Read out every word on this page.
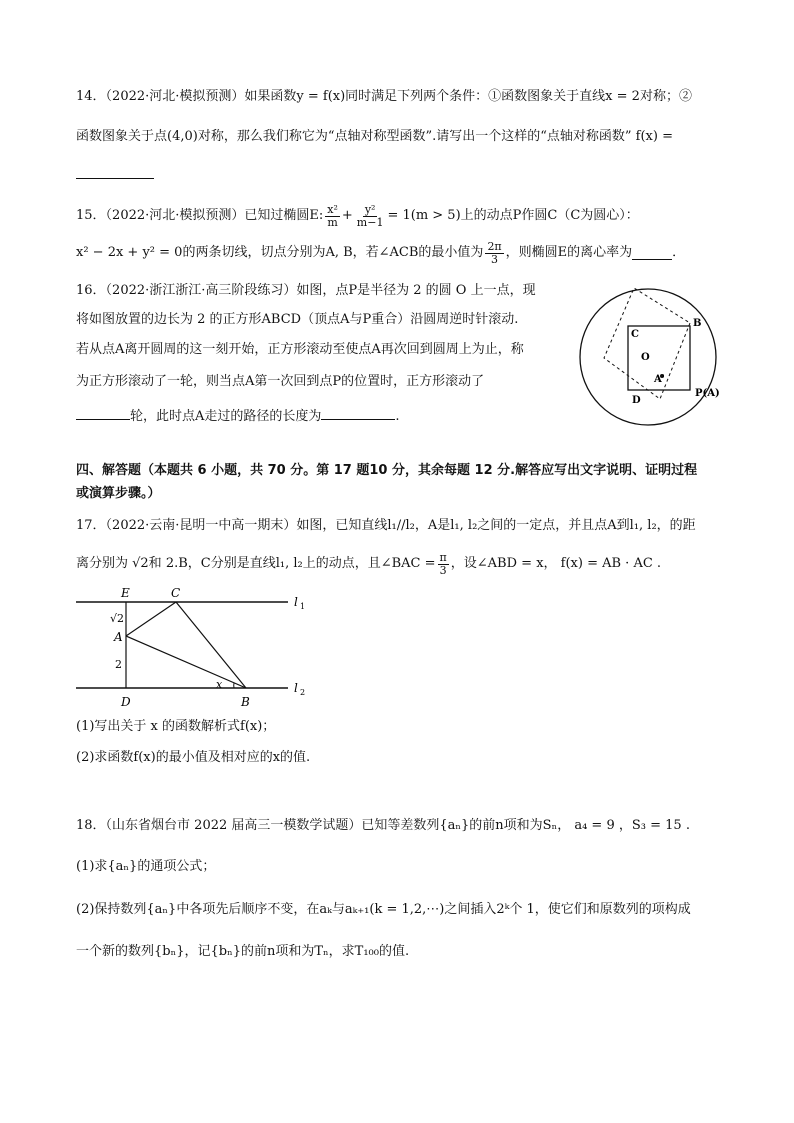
14．（2022·河北·模拟预测）如果函数y = f(x)同时满足下列两个条件：①函数图象关于直线x = 2对称；②
函数图象关于点(4,0)对称，那么我们称它为“点轴对称型函数”.请写出一个这样的“点轴对称函数” f(x) =
15．（2022·河北·模拟预测）已知过椭圆E: $\frac{\text{x²}}{m} + \frac{\text{y²}}{m-1} = 1(m > 5)$上的动点P作圆C（C为圆心）：
x² − 2x + y² = 0的两条切线，切点分别为A, B，若∠ACB的最小值为 $\frac{2\pi}{3}$ ，则椭圆E的离心率为	．
16．（2022·浙江浙江·高三阶段练习）如图，点P是半径为 2 的圆 O 上一点，现
将如图放置的边长为 2 的正方形ABCD（顶点A与P重合）沿圆周逆时针滚动.
若从点A离开圆周的这一刻开始，正方形滚动至使点A再次回到圆周上为止，称
为正方形滚动了一轮，则当点A第一次回到点P的位置时，正方形滚动了
轮，此时点A走过的路径的长度为	.
C
B
D
O
A'
P(A)
四、解答题（本题共 6 小题，共 70 分。第 17 题10 分，其余每题 12 分.解答应写出文字说明、证明过程
或演算步骤。）
17．（2022·云南·昆明一中高一期末）如图，已知直线l₁//l₂，A是l₁, l₂之间的一定点，并且点A到l₁, l₂，的距
离分别为 √2和 2.B，C分别是直线l₁, l₂上的动点，且∠BAC = $\frac{\pi}{3}$ ，设∠ABD = x， f(x) = AB · AC .
E	C
√2
A
2
D
x
B
l 1
l 2
(1)写出关于 x 的函数解析式f(x)；
(2)求函数f(x)的最小值及相对应的x的值.
18．（山东省烟台市 2022 届高三一模数学试题）已知等差数列{aₙ}的前n项和为Sₙ， a₄ = 9 ，S₃ = 15 .
(1)求{aₙ}的通项公式；
(2)保持数列{aₙ}中各项先后顺序不变，在aₖ与aₖ₊₁(k = 1,2,⋯)之间插入2ᵏ个 1，使它们和原数列的项构成
一个新的数列{bₙ}，记{bₙ}的前n项和为Tₙ，求T₁₀₀的值.
